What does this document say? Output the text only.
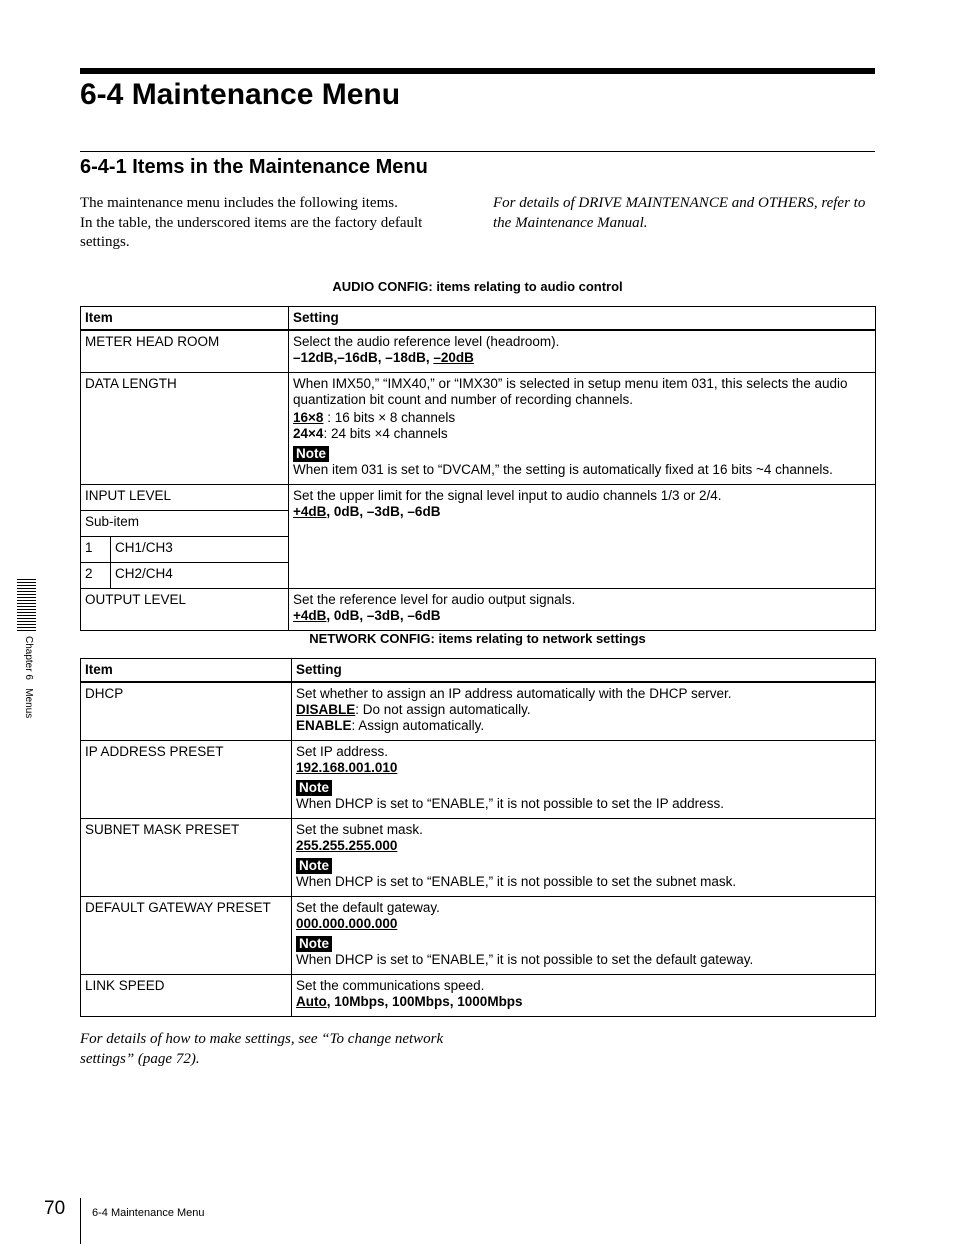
6-4 Maintenance Menu
6-4-1 Items in the Maintenance Menu
The maintenance menu includes the following items.
In the table, the underscored items are the factory default settings.
For details of DRIVE MAINTENANCE and OTHERS, refer to the Maintenance Manual.
AUDIO CONFIG: items relating to audio control
Item		Setting
METER HEAD ROOM		Select the audio reference level (headroom).
–12dB,–16dB, –18dB, –20dB
DATA LENGTH		When IMX50,” “IMX40,” or “IMX30” is selected in setup menu item 031, this selects the audio quantization bit count and number of recording channels.

16×8 : 16 bits × 8 channels
24×4: 24 bits ×4 channels
Note
When item 031 is set to “DVCAM,” the setting is automatically fixed at 16 bits ~4 channels.
INPUT LEVEL		Set the upper limit for the signal level input to audio channels 1/3 or 2/4.
+4dB, 0dB, –3dB, –6dB
Sub-item		
1	CH1/CH3	
2	CH2/CH4	
OUTPUT LEVEL		Set the reference level for audio output signals.
+4dB, 0dB, –3dB, –6dB
NETWORK CONFIG: items relating to network settings
Item	Setting
DHCP	Set whether to assign an IP address automatically with the DHCP server.
DISABLE: Do not assign automatically.
ENABLE: Assign automatically.
IP ADDRESS PRESET	Set IP address.
192.168.001.010
Note
When DHCP is set to “ENABLE,” it is not possible to set the IP address.
SUBNET MASK PRESET	Set the subnet mask.
255.255.255.000
Note
When DHCP is set to “ENABLE,” it is not possible to set the subnet mask.
DEFAULT GATEWAY PRESET	Set the default gateway.
000.000.000.000
Note
When DHCP is set to “ENABLE,” it is not possible to set the default gateway.
LINK SPEED	Set the communications speed.
Auto, 10Mbps, 100Mbps, 1000Mbps
For details of how to make settings, see “To change network settings” (page 72).
Chapter 6   Menus
70 6-4 Maintenance Menu
